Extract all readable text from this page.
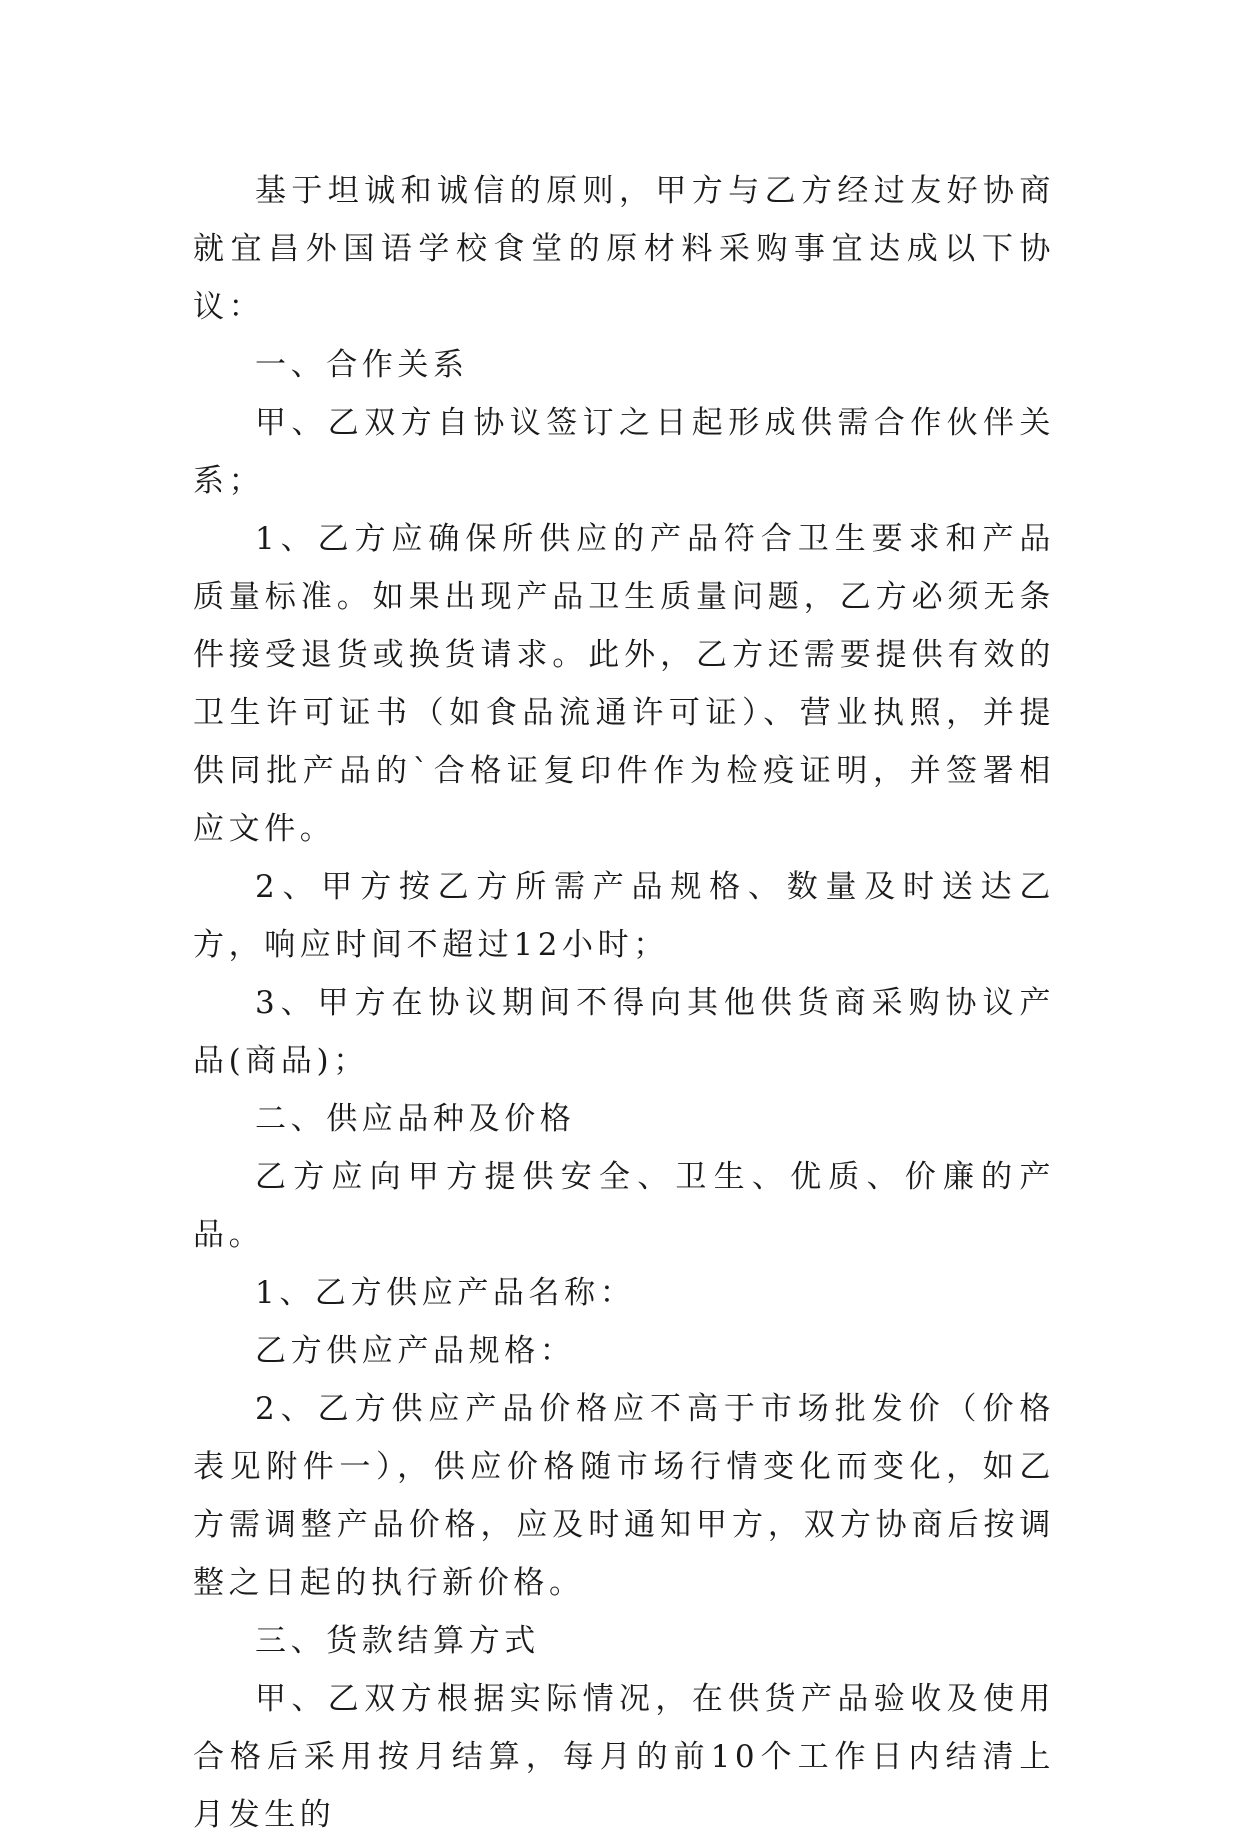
基于坦诚和诚信的原则，甲方与乙方经过友好协商就宜昌外国语学校食堂的原材料采购事宜达成以下协议：

一、合作关系

甲、乙双方自协议签订之日起形成供需合作伙伴关系；

1、乙方应确保所供应的产品符合卫生要求和产品质量标准。如果出现产品卫生质量问题，乙方必须无条件接受退货或换货请求。此外，乙方还需要提供有效的卫生许可证书（如食品流通许可证）、营业执照，并提供同批产品的`合格证复印件作为检疫证明，并签署相应文件。

2、甲方按乙方所需产品规格、数量及时送达乙方，响应时间不超过12小时；

3、甲方在协议期间不得向其他供货商采购协议产品(商品)；

二、供应品种及价格

乙方应向甲方提供安全、卫生、优质、价廉的产品。

1、乙方供应产品名称：

乙方供应产品规格：

2、乙方供应产品价格应不高于市场批发价（价格表见附件一），供应价格随市场行情变化而变化，如乙方需调整产品价格，应及时通知甲方，双方协商后按调整之日起的执行新价格。

三、货款结算方式

甲、乙双方根据实际情况，在供货产品验收及使用合格后采用按月结算，每月的前10个工作日内结清上月发生的
